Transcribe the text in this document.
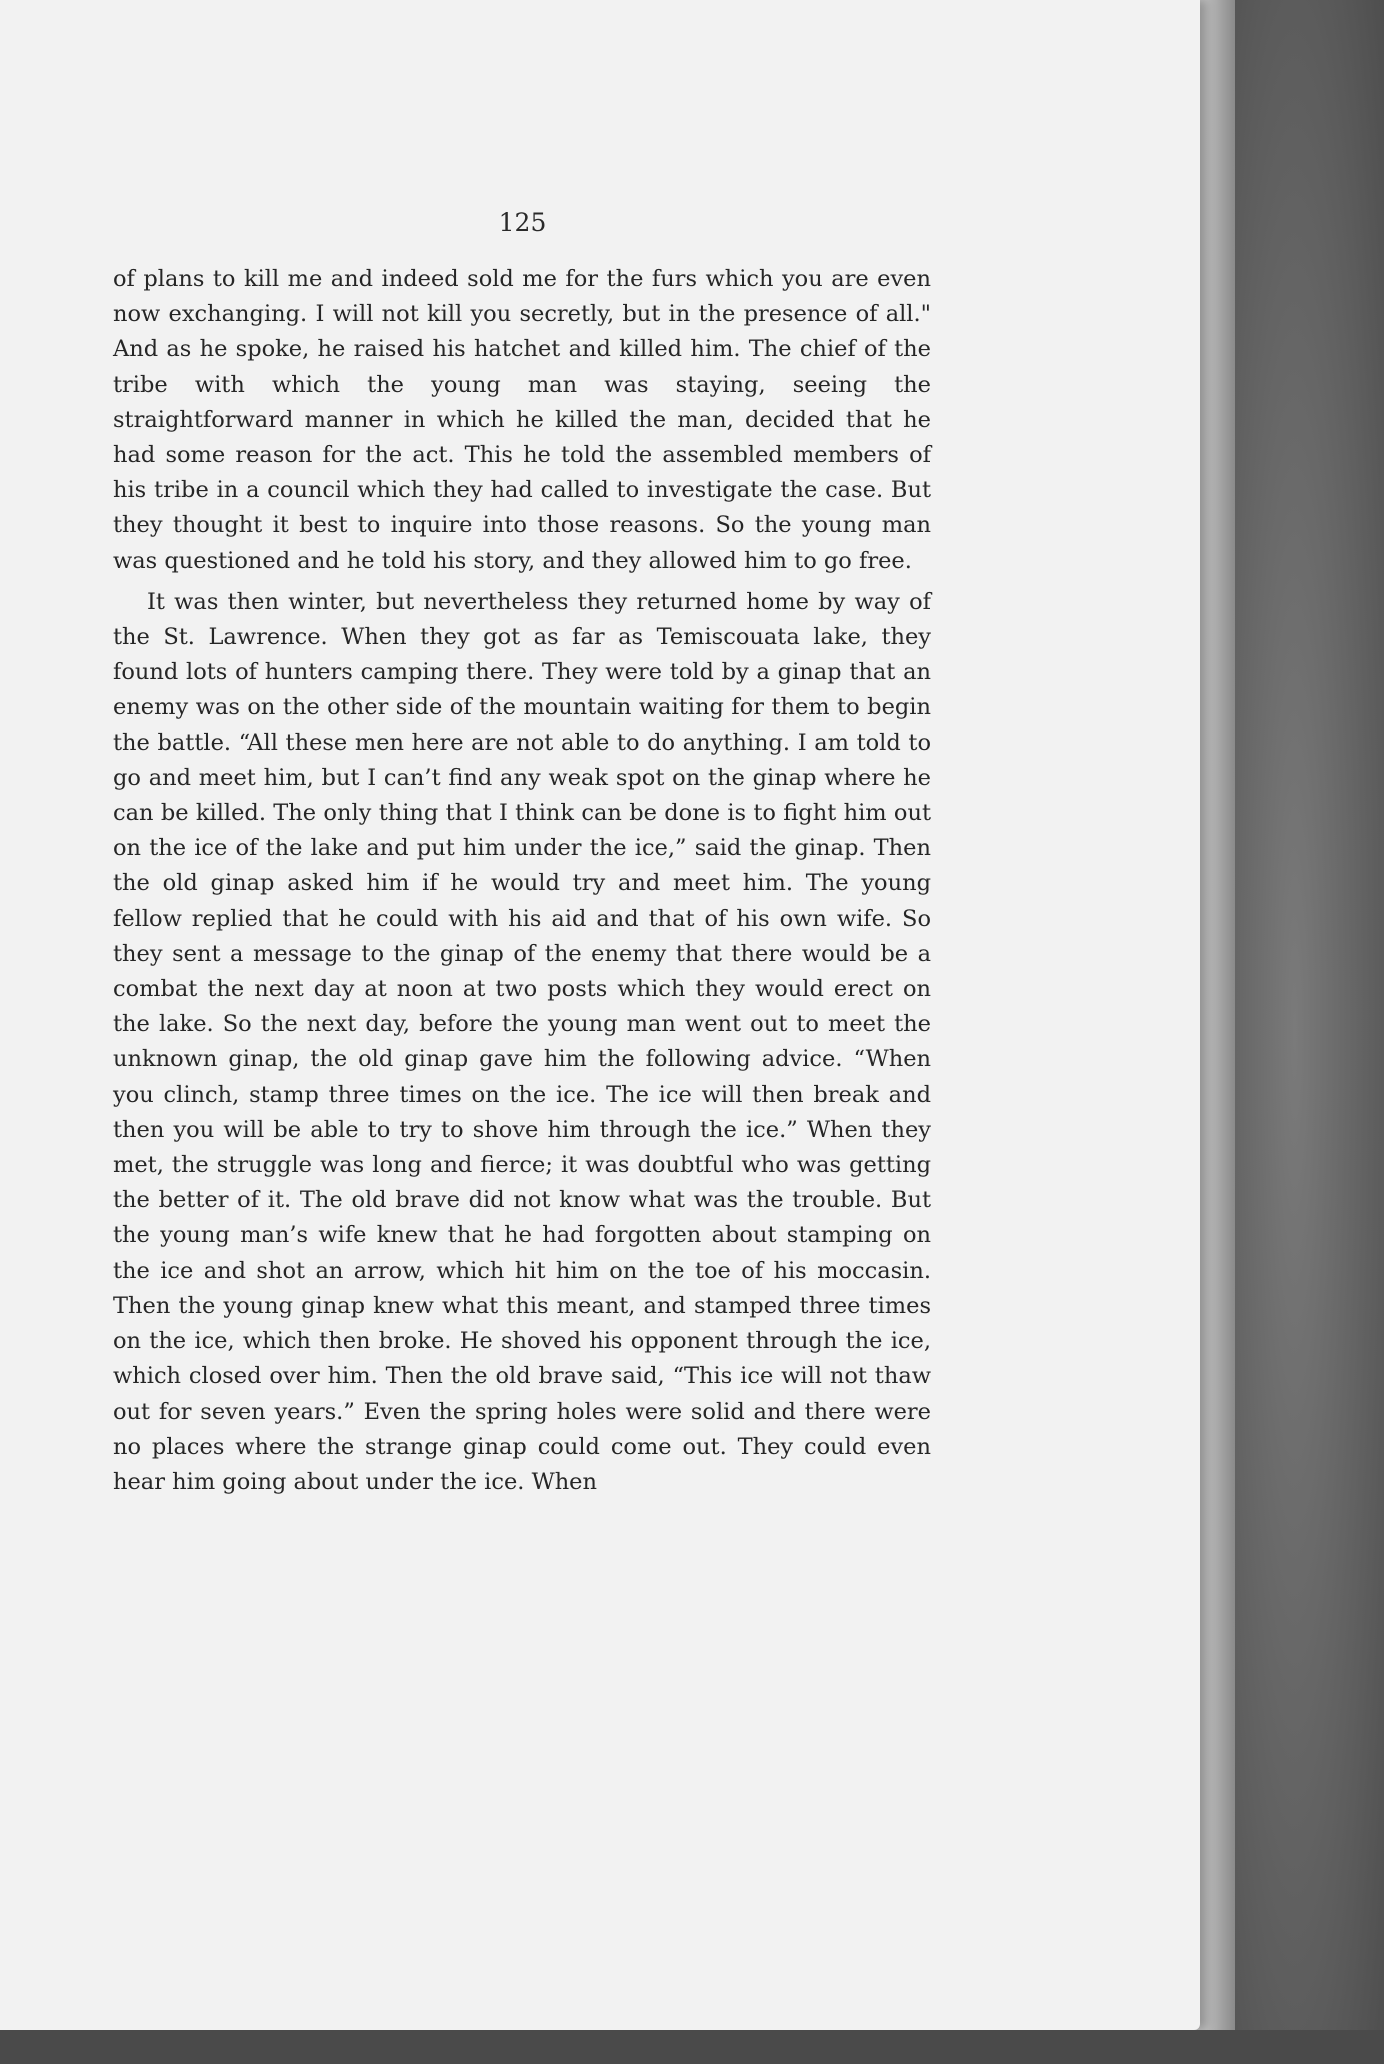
125

of plans to kill me and indeed sold me for the furs which you are even now exchanging. I will not kill you secretly, but in the presence of all." And as he spoke, he raised his hatchet and killed him. The chief of the tribe with which the young man was staying, seeing the straightforward manner in which he killed the man, decided that he had some reason for the act. This he told the assembled members of his tribe in a council which they had called to investigate the case. But they thought it best to inquire into those reasons. So the young man was questioned and he told his story, and they allowed him to go free.

It was then winter, but nevertheless they returned home by way of the St. Lawrence. When they got as far as Temiscouata lake, they found lots of hunters camping there. They were told by a ginap that an enemy was on the other side of the mountain waiting for them to begin the battle. “All these men here are not able to do anything. I am told to go and meet him, but I can’t find any weak spot on the ginap where he can be killed. The only thing that I think can be done is to fight him out on the ice of the lake and put him under the ice,” said the ginap. Then the old ginap asked him if he would try and meet him. The young fellow replied that he could with his aid and that of his own wife. So they sent a message to the ginap of the enemy that there would be a combat the next day at noon at two posts which they would erect on the lake. So the next day, before the young man went out to meet the unknown ginap, the old ginap gave him the following advice. “When you clinch, stamp three times on the ice. The ice will then break and then you will be able to try to shove him through the ice.” When they met, the struggle was long and fierce; it was doubtful who was getting the better of it. The old brave did not know what was the trouble. But the young man’s wife knew that he had forgotten about stamping on the ice and shot an arrow, which hit him on the toe of his moccasin. Then the young ginap knew what this meant, and stamped three times on the ice, which then broke. He shoved his opponent through the ice, which closed over him. Then the old brave said, “This ice will not thaw out for seven years.” Even the spring holes were solid and there were no places where the strange ginap could come out. They could even hear him going about under the ice. When
